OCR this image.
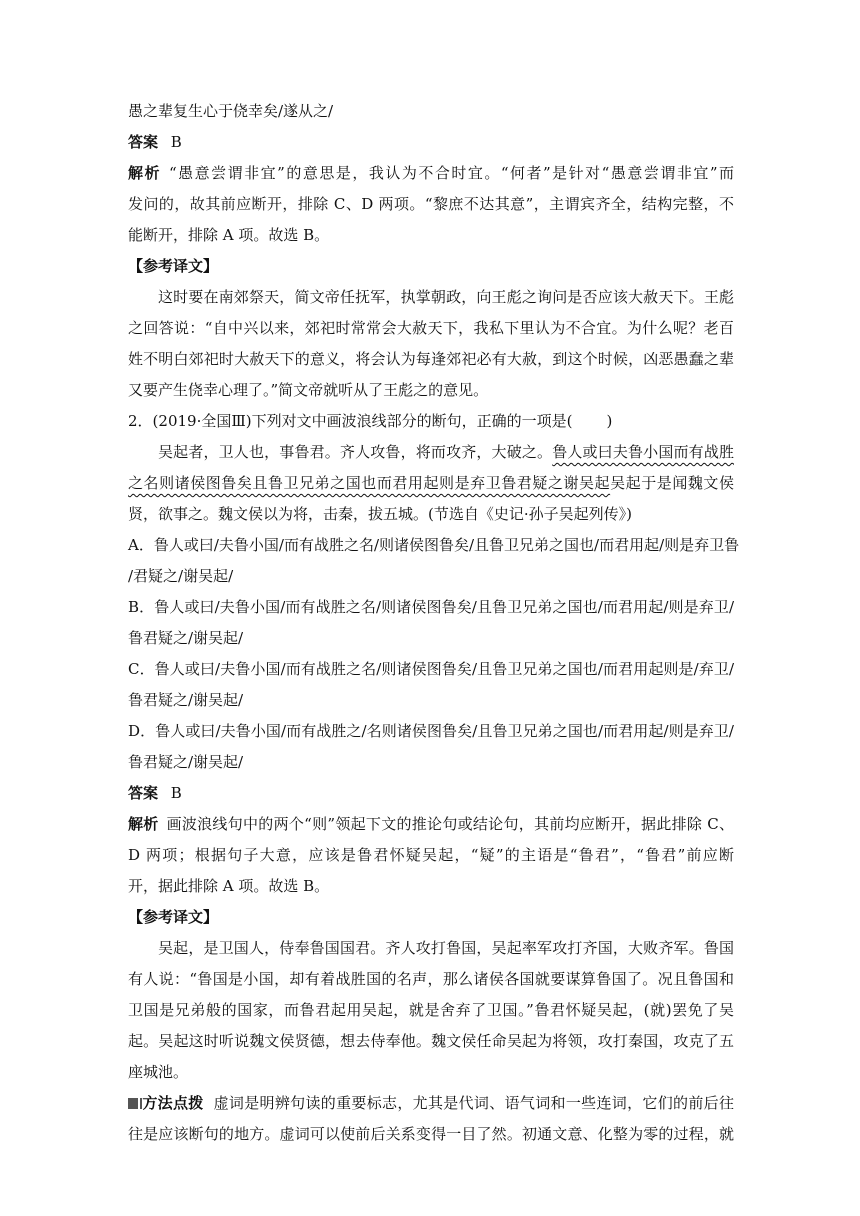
愚之辈复生心于侥幸矣/遂从之/
答案 B
解析 “愚意尝谓非宜”的意思是，我认为不合时宜。“何者”是针对“愚意尝谓非宜”而
发问的，故其前应断开，排除 C、D 两项。“黎庶不达其意”，主谓宾齐全，结构完整，不
能断开，排除 A 项。故选 B。
【参考译文】
这时要在南郊祭天，简文帝任抚军，执掌朝政，向王彪之询问是否应该大赦天下。王彪
之回答说：“自中兴以来，郊祀时常常会大赦天下，我私下里认为不合宜。为什么呢？老百
姓不明白郊祀时大赦天下的意义，将会认为每逢郊祀必有大赦，到这个时候，凶恶愚蠢之辈
又要产生侥幸心理了。”简文帝就听从了王彪之的意见。
2．(2019·全国Ⅲ)下列对文中画波浪线部分的断句，正确的一项是( )
吴起者，卫人也，事鲁君。齐人攻鲁，将而攻齐，大破之。鲁人或曰夫鲁小国而有战胜之名则诸侯图鲁矣且鲁卫兄弟之国也而君用起则是弃卫鲁君疑之谢吴起吴起于是闻魏文侯贤，欲事之。魏文侯以为将，击秦，拔五城。(节选自《史记·孙子吴起列传》)
A．鲁人或曰/夫鲁小国/而有战胜之名/则诸侯图鲁矣/且鲁卫兄弟之国也/而君用起/则是弃卫鲁
/君疑之/谢吴起/
B．鲁人或曰/夫鲁小国/而有战胜之名/则诸侯图鲁矣/且鲁卫兄弟之国也/而君用起/则是弃卫/
鲁君疑之/谢吴起/
C．鲁人或曰/夫鲁小国/而有战胜之名/则诸侯图鲁矣/且鲁卫兄弟之国也/而君用起则是/弃卫/
鲁君疑之/谢吴起/
D．鲁人或曰/夫鲁小国/而有战胜之/名则诸侯图鲁矣/且鲁卫兄弟之国也/而君用起/则是弃卫/
鲁君疑之/谢吴起/
答案 B
解析 画波浪线句中的两个“则”领起下文的推论句或结论句，其前均应断开，据此排除 C、
D 两项；根据句子大意，应该是鲁君怀疑吴起，“疑”的主语是“鲁君”，“鲁君”前应断
开，据此排除 A 项。故选 B。
【参考译文】
吴起，是卫国人，侍奉鲁国国君。齐人攻打鲁国，吴起率军攻打齐国，大败齐军。鲁国
有人说：“鲁国是小国，却有着战胜国的名声，那么诸侯各国就要谋算鲁国了。况且鲁国和
卫国是兄弟般的国家，而鲁君起用吴起，就是舍弃了卫国。”鲁君怀疑吴起，(就)罢免了吴
起。吴起这时听说魏文侯贤德，想去侍奉他。魏文侯任命吴起为将领，攻打秦国，攻克了五
座城池。
方法点拨 虚词是明辨句读的重要标志，尤其是代词、语气词和一些连词，它们的前后往
往是应该断句的地方。虚词可以使前后关系变得一目了然。初通文意、化整为零的过程，就
